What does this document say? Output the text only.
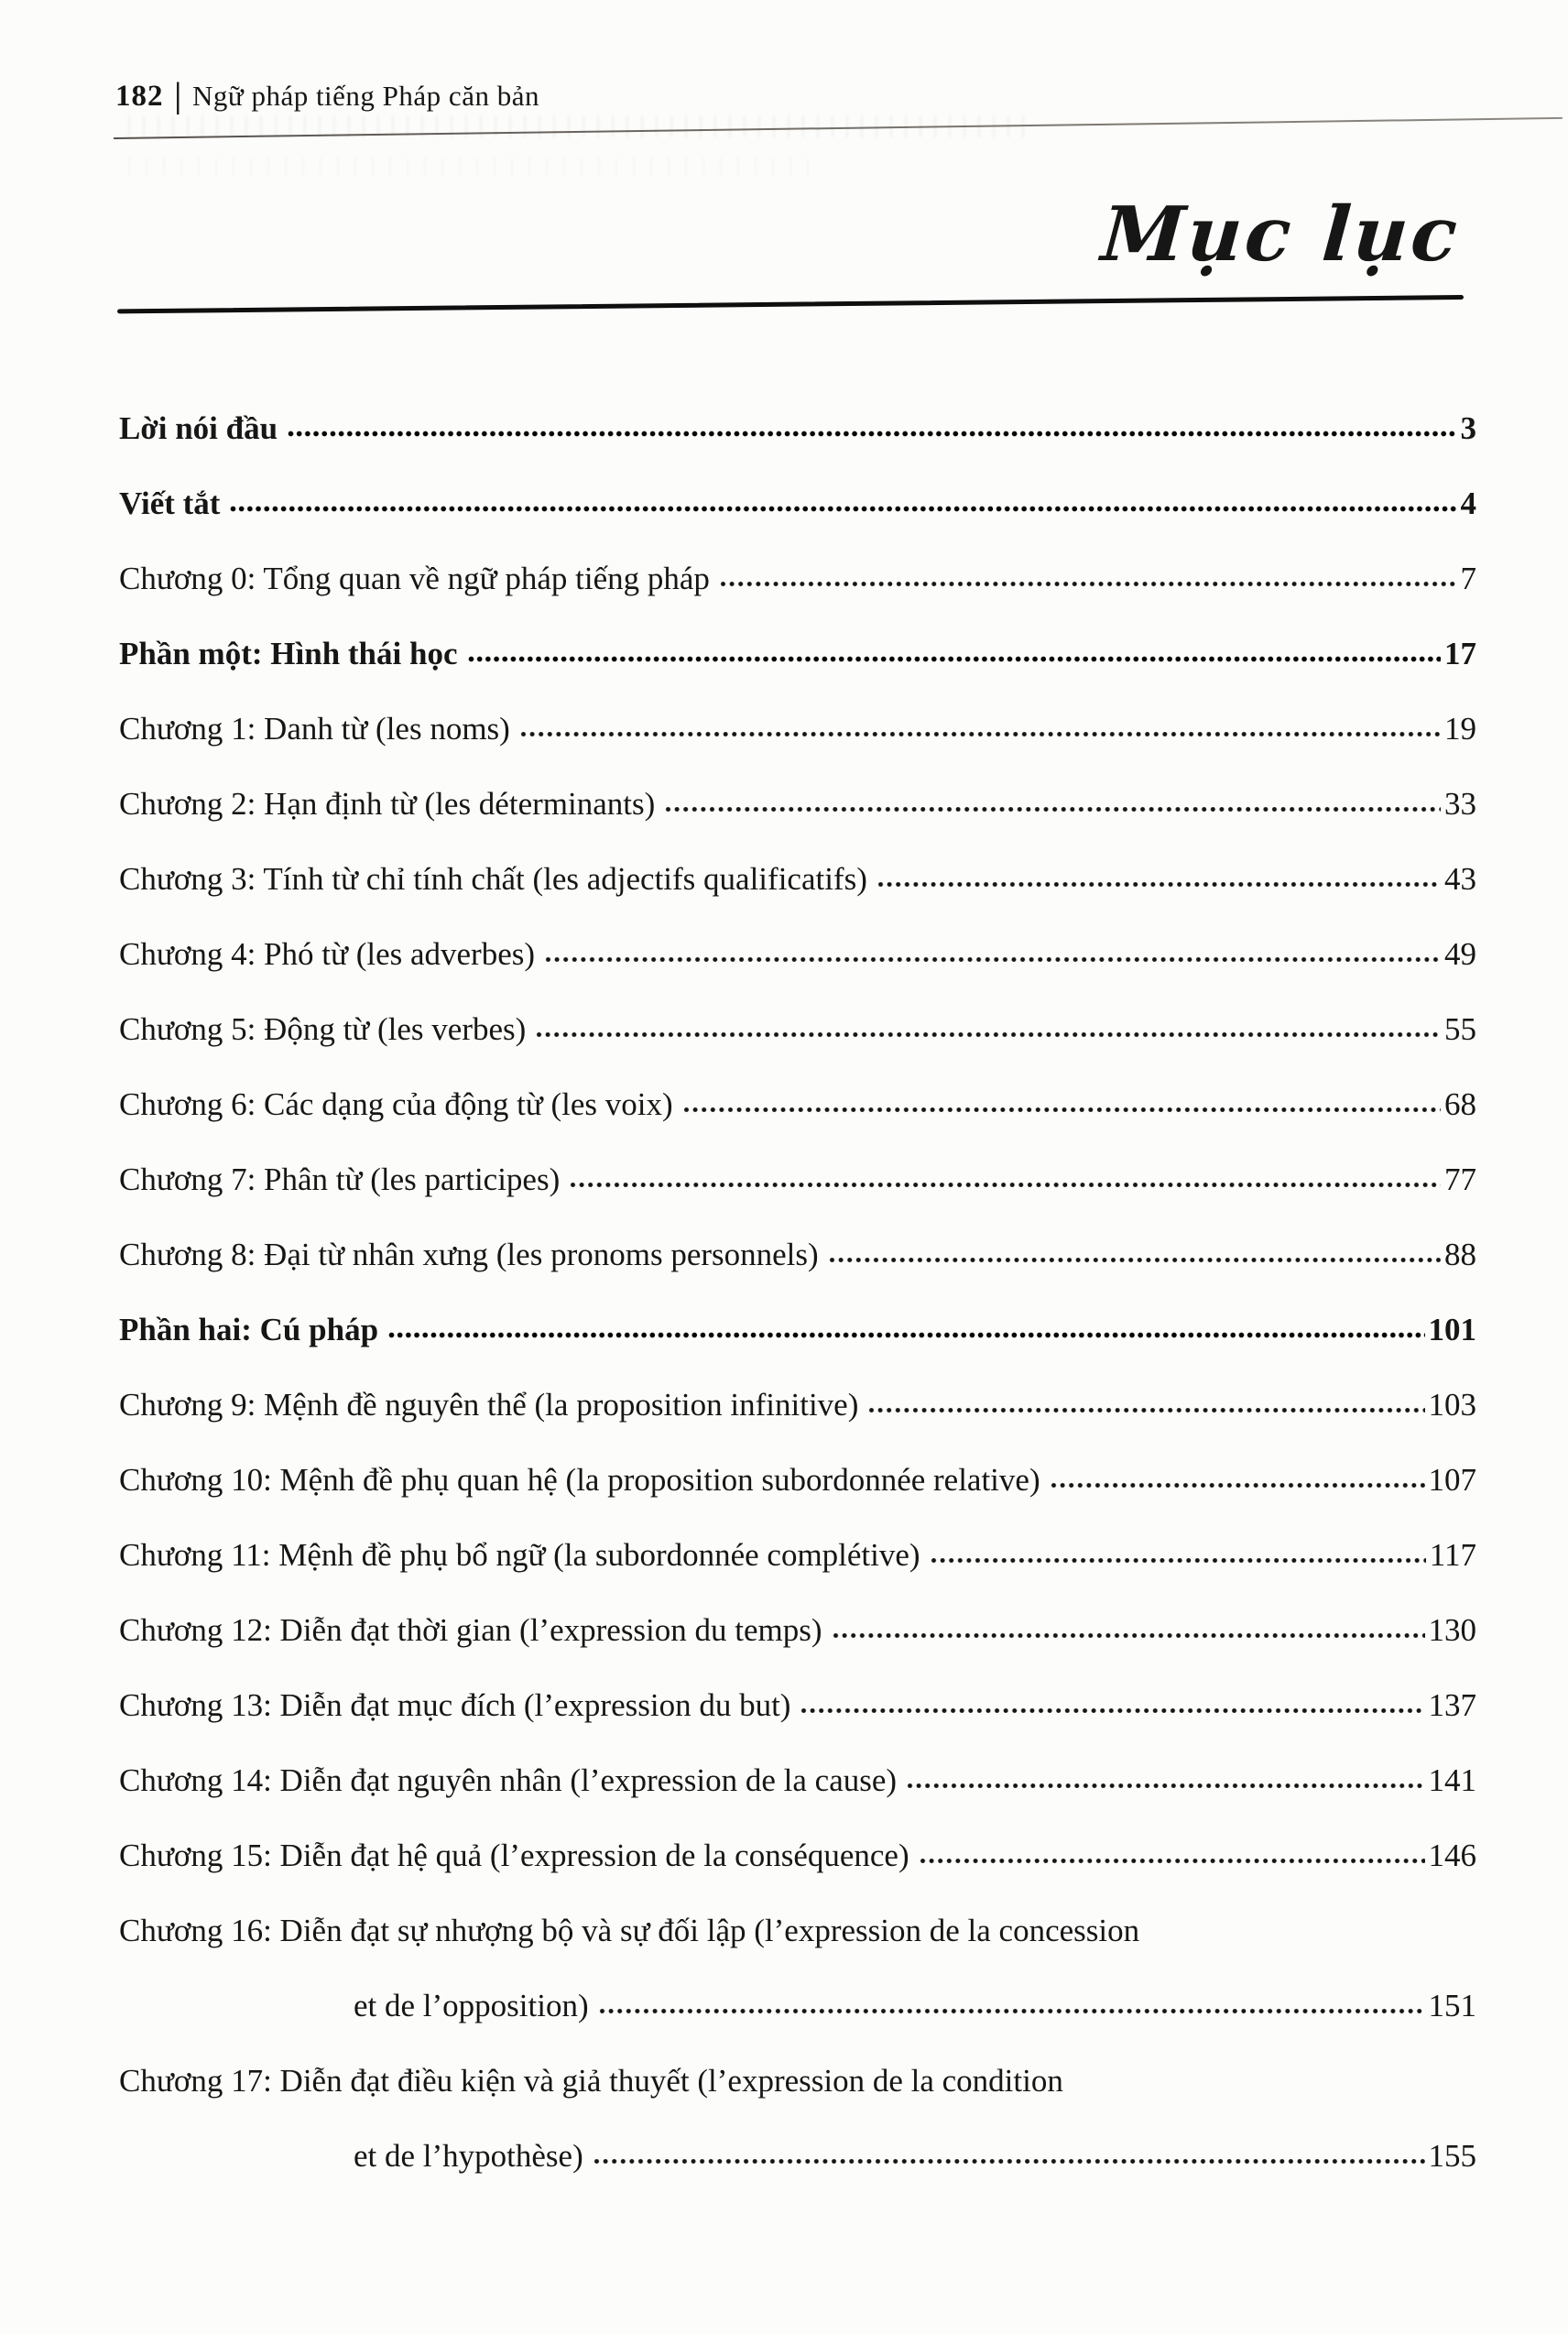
182 | Ngữ pháp tiếng Pháp căn bản
Mục lục
Lời nói đầu	3
Viết tắt	4
Chương 0: Tổng quan về ngữ pháp tiếng pháp	7
Phần một: Hình thái học	17
Chương 1: Danh từ (les noms)	19
Chương 2: Hạn định từ (les déterminants)	33
Chương 3: Tính từ chỉ tính chất (les adjectifs qualificatifs)	43
Chương 4: Phó từ (les adverbes)	49
Chương 5: Động từ (les verbes)	55
Chương 6: Các dạng của động từ (les voix)	68
Chương 7: Phân từ (les participes)	77
Chương 8: Đại từ nhân xưng (les pronoms personnels)	88
Phần hai: Cú pháp	101
Chương 9: Mệnh đề nguyên thể (la proposition infinitive)	103
Chương 10: Mệnh đề phụ quan hệ (la proposition subordonnée relative)	107
Chương 11: Mệnh đề phụ bổ ngữ (la subordonnée complétive)	117
Chương 12: Diễn đạt thời gian (l’expression du temps)	130
Chương 13: Diễn đạt mục đích (l’expression du but)	137
Chương 14: Diễn đạt nguyên nhân (l’expression de la cause)	141
Chương 15: Diễn đạt hệ quả (l’expression de la conséquence)	146
Chương 16: Diễn đạt sự nhượng bộ và sự đối lập (l’expression de la concession
et de l’opposition)	151
Chương 17: Diễn đạt điều kiện và giả thuyết (l’expression de la condition
et de l’hypothèse)	155
